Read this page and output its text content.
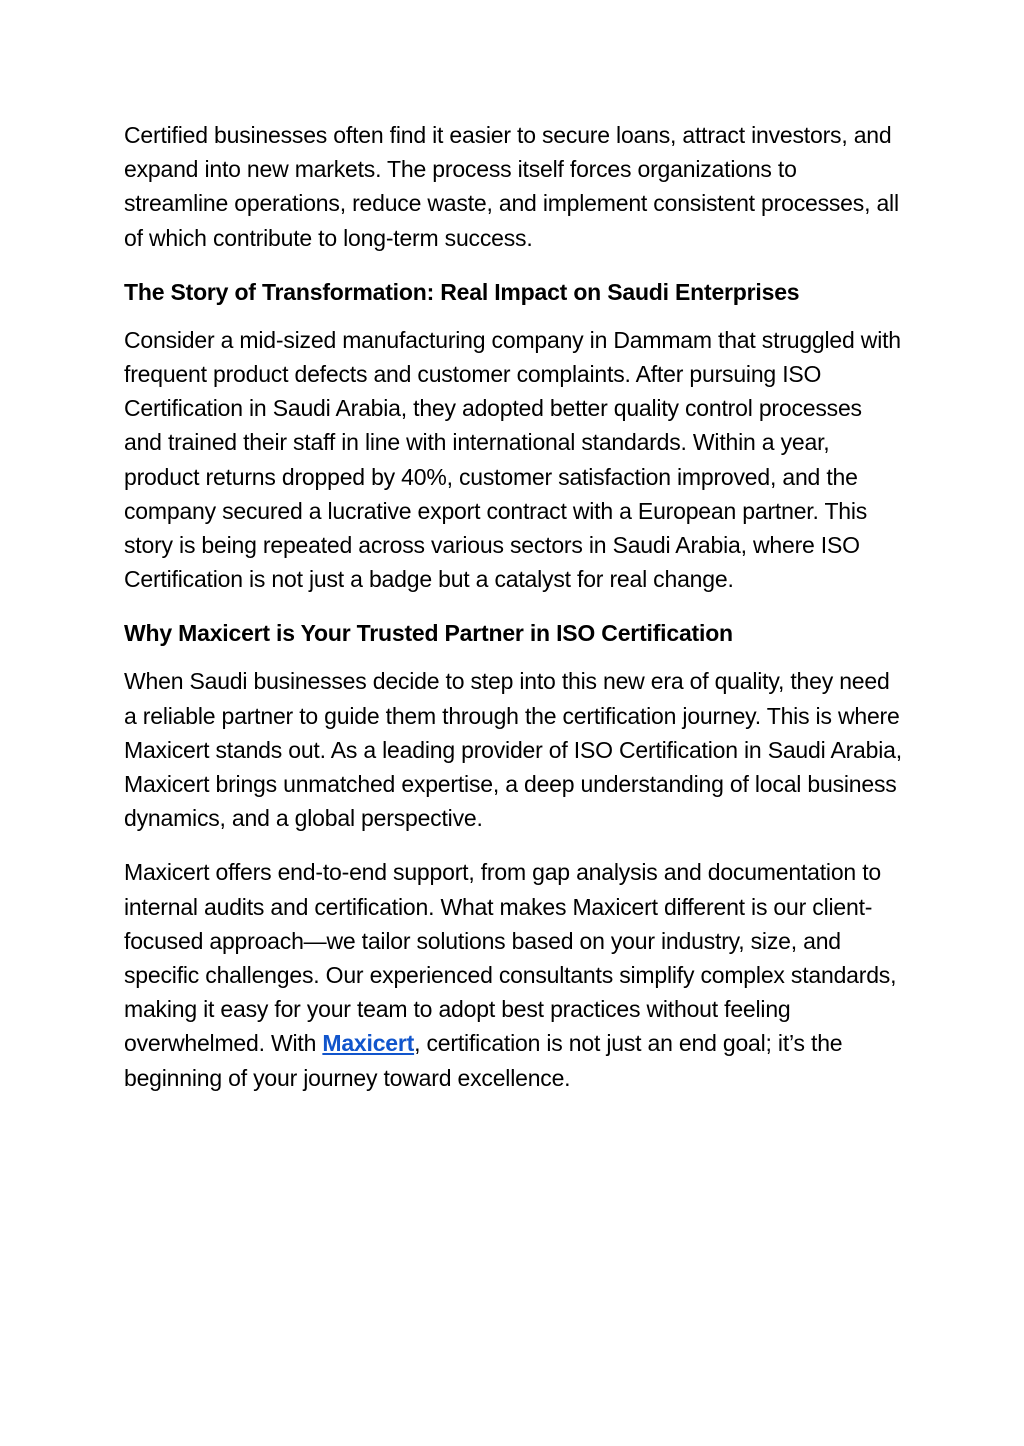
Certified businesses often find it easier to secure loans, attract investors, and expand into new markets. The process itself forces organizations to streamline operations, reduce waste, and implement consistent processes, all of which contribute to long-term success.

The Story of Transformation: Real Impact on Saudi Enterprises

Consider a mid-sized manufacturing company in Dammam that struggled with frequent product defects and customer complaints. After pursuing ISO Certification in Saudi Arabia, they adopted better quality control processes and trained their staff in line with international standards. Within a year, product returns dropped by 40%, customer satisfaction improved, and the company secured a lucrative export contract with a European partner. This story is being repeated across various sectors in Saudi Arabia, where ISO Certification is not just a badge but a catalyst for real change.

Why Maxicert is Your Trusted Partner in ISO Certification

When Saudi businesses decide to step into this new era of quality, they need a reliable partner to guide them through the certification journey. This is where Maxicert stands out. As a leading provider of ISO Certification in Saudi Arabia, Maxicert brings unmatched expertise, a deep understanding of local business dynamics, and a global perspective.

Maxicert offers end-to-end support, from gap analysis and documentation to internal audits and certification. What makes Maxicert different is our client-focused approach—we tailor solutions based on your industry, size, and specific challenges. Our experienced consultants simplify complex standards, making it easy for your team to adopt best practices without feeling overwhelmed. With Maxicert, certification is not just an end goal; it’s the beginning of your journey toward excellence.
